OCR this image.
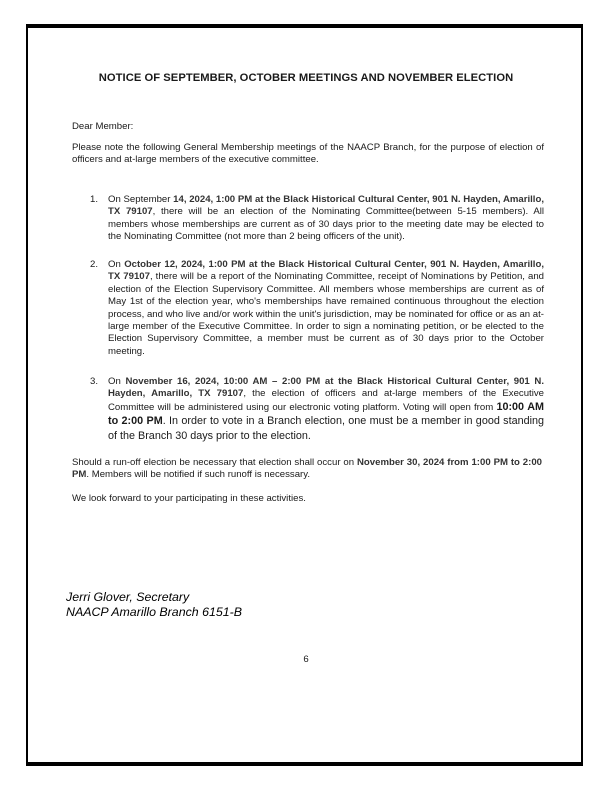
NOTICE OF SEPTEMBER, OCTOBER MEETINGS AND NOVEMBER ELECTION
Dear Member:
Please note the following General Membership meetings of the NAACP Branch, for the purpose of election of officers and at-large members of the executive committee.
1. On September 14, 2024, 1:00 PM at the Black Historical Cultural Center, 901 N. Hayden, Amarillo, TX 79107, there will be an election of the Nominating Committee(between 5-15 members). All members whose memberships are current as of 30 days prior to the meeting date may be elected to the Nominating Committee (not more than 2 being officers of the unit).
2. On October 12, 2024, 1:00 PM at the Black Historical Cultural Center, 901 N. Hayden, Amarillo, TX 79107, there will be a report of the Nominating Committee, receipt of Nominations by Petition, and election of the Election Supervisory Committee. All members whose memberships are current as of May 1st of the election year, who's memberships have remained continuous throughout the election process, and who live and/or work within the unit's jurisdiction, may be nominated for office or as an at-large member of the Executive Committee. In order to sign a nominating petition, or be elected to the Election Supervisory Committee, a member must be current as of 30 days prior to the October meeting.
3. On November 16, 2024, 10:00 AM – 2:00 PM at the Black Historical Cultural Center, 901 N. Hayden, Amarillo, TX 79107, the election of officers and at-large members of the Executive Committee will be administered using our electronic voting platform. Voting will open from 10:00 AM to 2:00 PM. In order to vote in a Branch election, one must be a member in good standing of the Branch 30 days prior to the election.
Should a run-off election be necessary that election shall occur on November 30, 2024 from 1:00 PM to 2:00 PM. Members will be notified if such runoff is necessary.
We look forward to your participating in these activities.
Jerri Glover, Secretary
NAACP Amarillo Branch 6151-B
6
